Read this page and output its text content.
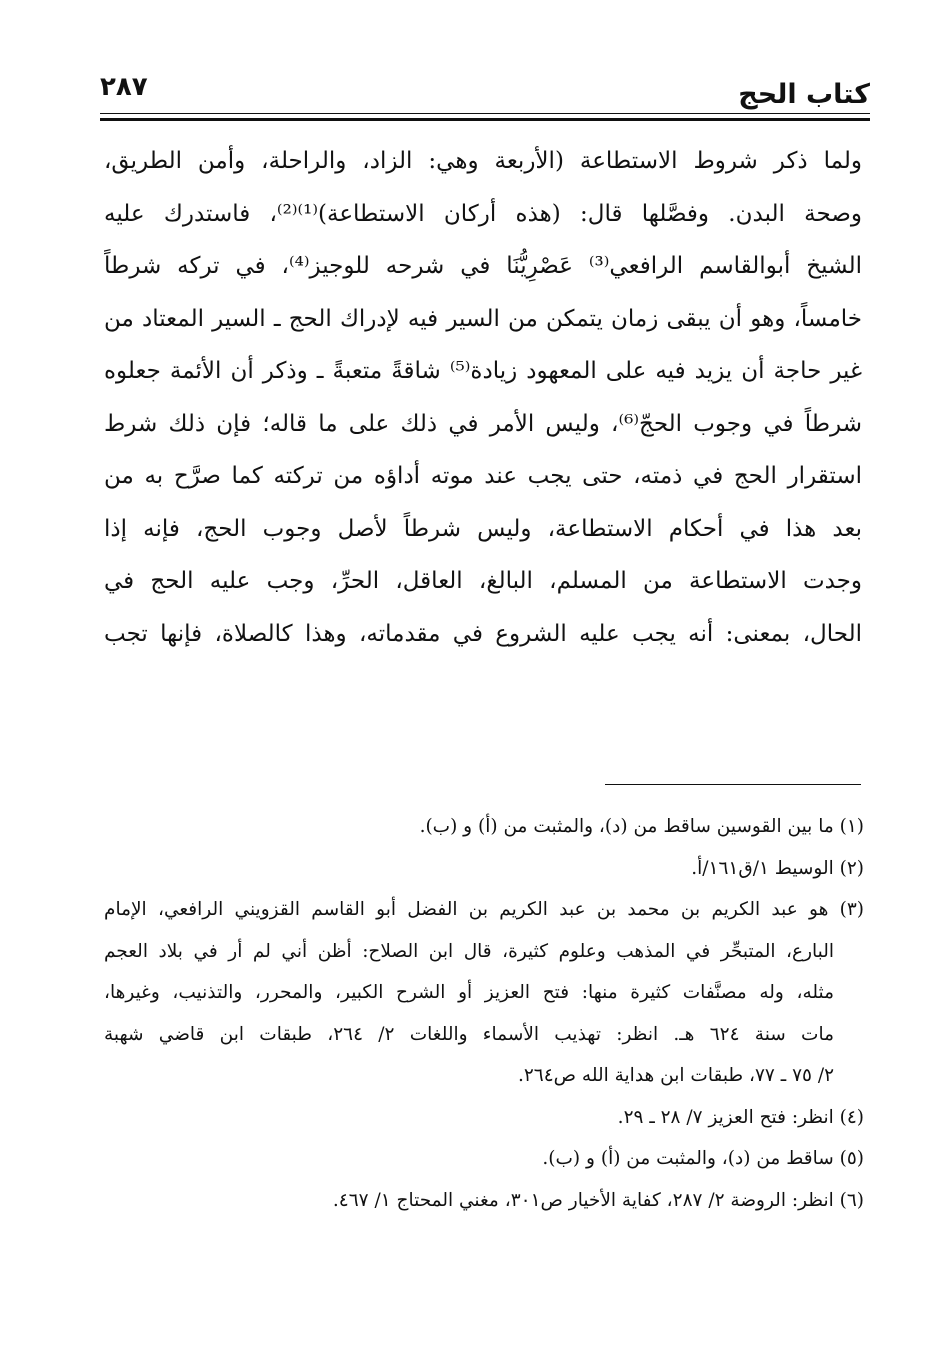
كتاب الحج
٢٨٧
ولما ذكر شروط الاستطاعة (الأربعة وهي: الزاد، والراحلة، وأمن الطريق،
وصحة البدن. وفصَّلها قال: (هذه أركان الاستطاعة)⁽¹⁾⁽²⁾، فاستدرك عليه
الشيخ أبوالقاسم الرافعي⁽³⁾ عَصْرِيُّنَا في شرحه للوجيز⁽⁴⁾، في تركه شرطاً
خامساً، وهو أن يبقى زمان يتمكن من السير فيه لإدراك الحج ـ السير المعتاد من
غير حاجة أن يزيد فيه على المعهود زيادة⁽⁵⁾ شاقةً متعبةً ـ وذكر أن الأئمة جعلوه
شرطاً في وجوب الحجّ⁽⁶⁾، وليس الأمر في ذلك على ما قاله؛ فإن ذلك شرط
استقرار الحج في ذمته، حتى يجب عند موته أداؤه من تركته كما صرَّح به من
بعد هذا في أحكام الاستطاعة، وليس شرطاً لأصل وجوب الحج، فإنه إذا
وجدت الاستطاعة من المسلم، البالغ، العاقل، الحرِّ، وجب عليه الحج في
الحال، بمعنى: أنه يجب عليه الشروع في مقدماته، وهذا كالصلاة، فإنها تجب
(١) ما بين القوسين ساقط من (د)، والمثبت من (أ) و (ب).
(٢) الوسيط ١/ق١٦١/أ.
(٣) هو عبد الكريم بن محمد بن عبد الكريم بن الفضل أبو القاسم القزويني الرافعي، الإمام
البارع، المتبحِّر في المذهب وعلوم كثيرة، قال ابن الصلاح: أظن أني لم أر في بلاد العجم
مثله، وله مصنَّفات كثيرة منها: فتح العزيز أو الشرح الكبير، والمحرر، والتذنيب، وغيرها،
مات سنة ٦٢٤ هـ. انظر: تهذيب الأسماء واللغات ٢/ ٢٦٤، طبقات ابن قاضي شهبة
٢/ ٧٥ ـ ٧٧، طبقات ابن هداية الله ص٢٦٤.
(٤) انظر: فتح العزيز ٧/ ٢٨ ـ ٢٩.
(٥) ساقط من (د)، والمثبت من (أ) و (ب).
(٦) انظر: الروضة ٢/ ٢٨٧، كفاية الأخيار ص٣٠١، مغني المحتاج ١/ ٤٦٧.
